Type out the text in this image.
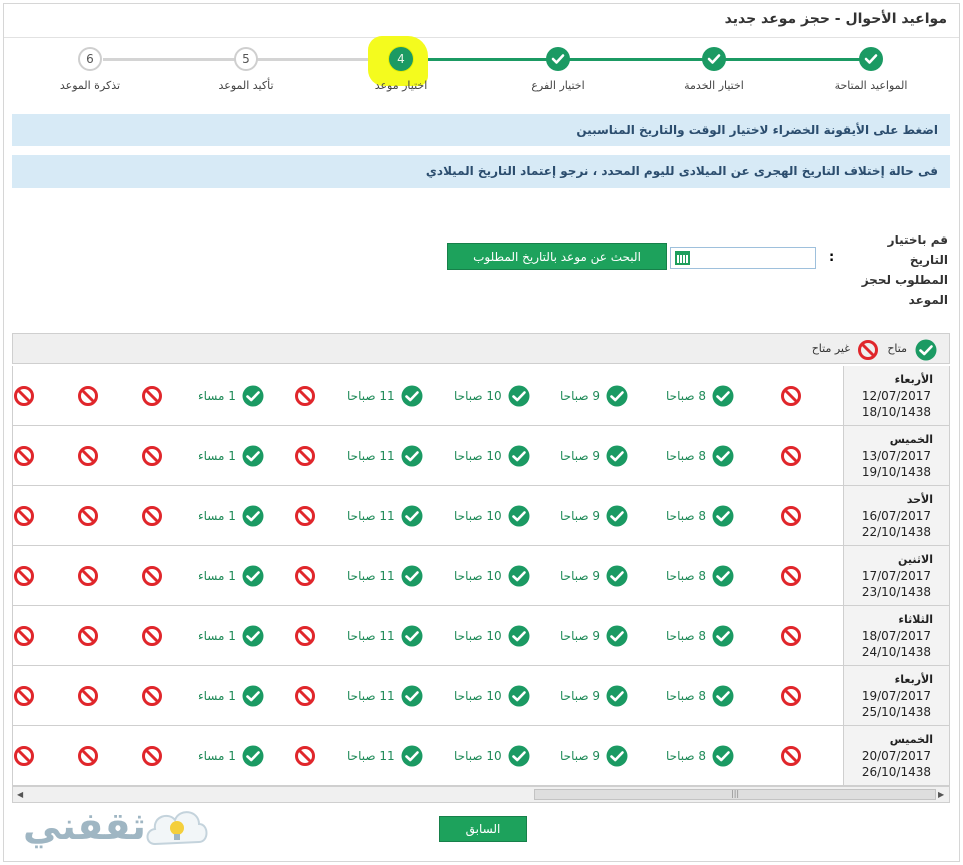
مواعيد الأحوال - حجز موعد جديد
4
5
6
المواعيد المتاحة
اختيار الخدمة
اختيار الفرع
اختيار موعد
تأكيد الموعد
تذكرة الموعد
اضغط على الأيقونة الخضراء لاختيار الوقت والتاريخ المناسبين
فى حالة إختلاف التاريخ الهجرى عن الميلادى لليوم المحدد ، نرجو إعتماد التاريخ الميلادي
قم باختيار التاريخ المطلوب لحجز الموعد
:
البحث عن موعد بالتاريخ المطلوب
متاح
غير متاح
الأربعاء
12/07/2017
18/10/1438
8 صباحا
9 صباحا
10 صباحا
11 صباحا
1 مساء
الخميس
13/07/2017
19/10/1438
8 صباحا
9 صباحا
10 صباحا
11 صباحا
1 مساء
الأحد
16/07/2017
22/10/1438
8 صباحا
9 صباحا
10 صباحا
11 صباحا
1 مساء
الاثنين
17/07/2017
23/10/1438
8 صباحا
9 صباحا
10 صباحا
11 صباحا
1 مساء
الثلاثاء
18/07/2017
24/10/1438
8 صباحا
9 صباحا
10 صباحا
11 صباحا
1 مساء
الأربعاء
19/07/2017
25/10/1438
8 صباحا
9 صباحا
10 صباحا
11 صباحا
1 مساء
الخميس
20/07/2017
26/10/1438
8 صباحا
9 صباحا
10 صباحا
11 صباحا
1 مساء
◀	|||	▶
السابق
ثقفني
